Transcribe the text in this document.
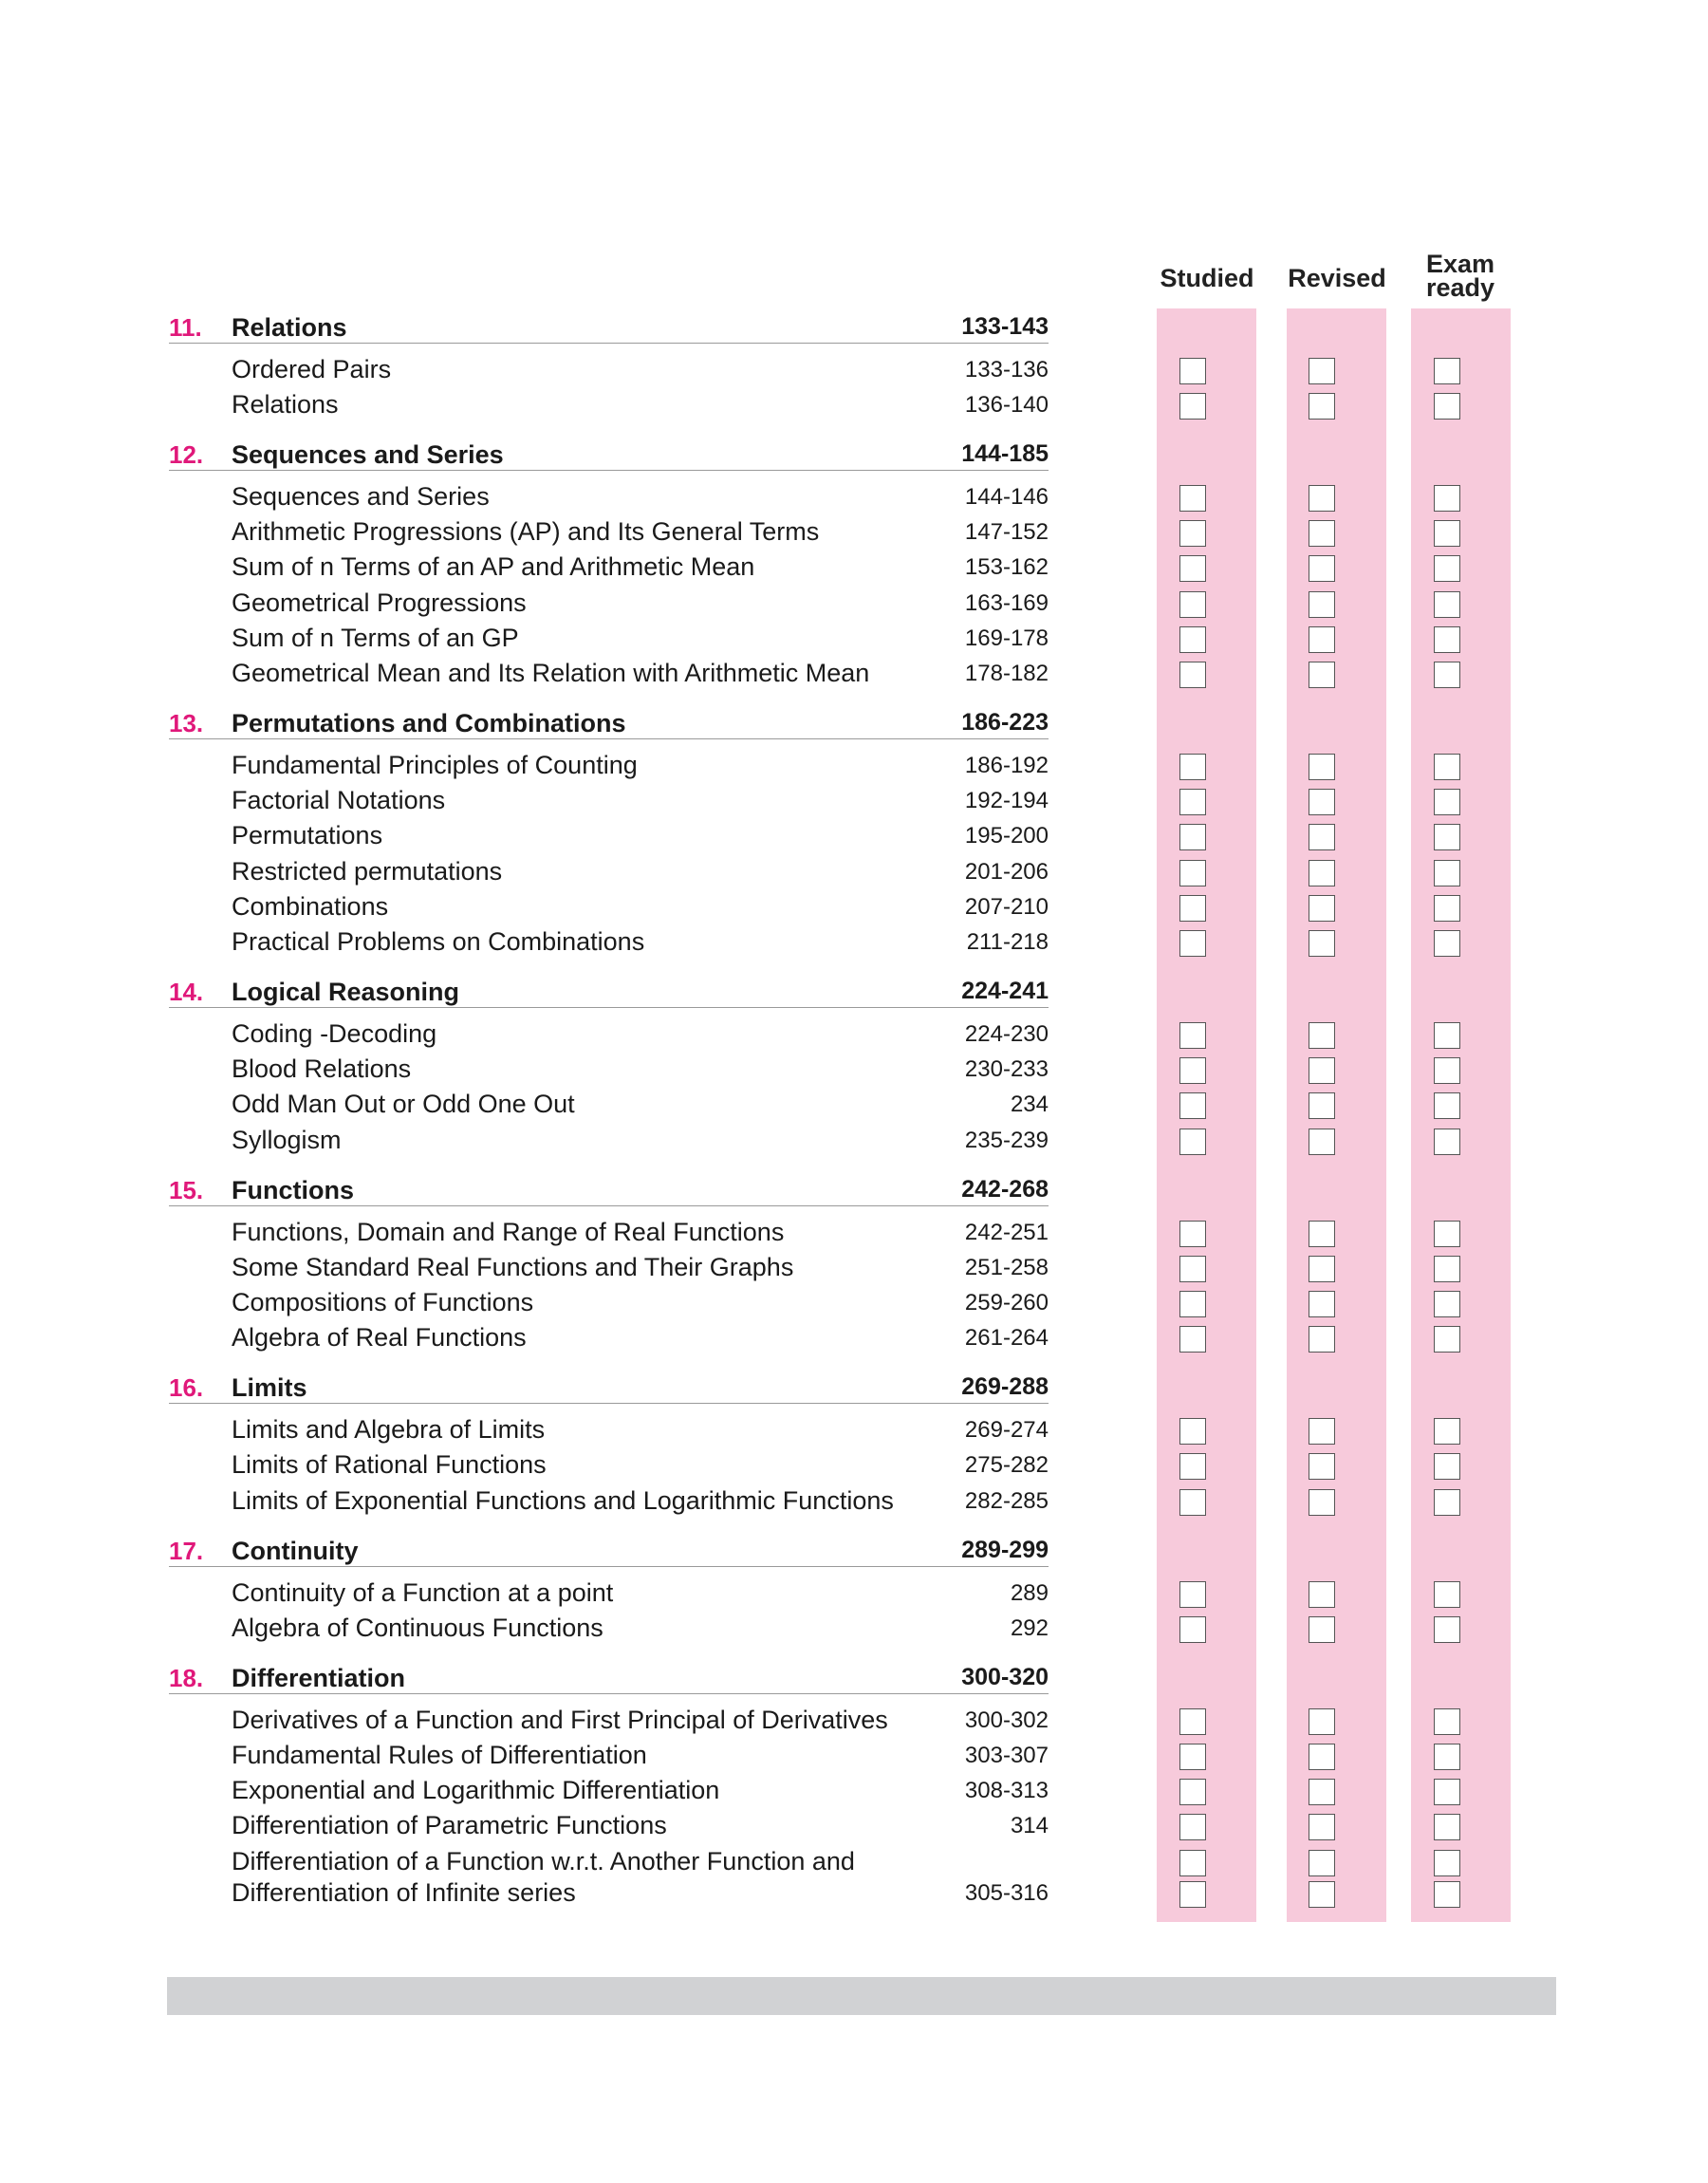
Studied	Revised	Exam
ready
11. Relations	133-143
Ordered Pairs	133-136
Relations	136-140
12. Sequences and Series	144-185
Sequences and Series	144-146
Arithmetic Progressions (AP) and Its General Terms	147-152
Sum of n Terms of an AP and Arithmetic Mean	153-162
Geometrical Progressions	163-169
Sum of n Terms of an GP	169-178
Geometrical Mean and Its Relation with Arithmetic Mean	178-182
13. Permutations and Combinations	186-223
Fundamental Principles of Counting	186-192
Factorial Notations	192-194
Permutations	195-200
Restricted permutations	201-206
Combinations	207-210
Practical Problems on Combinations	211-218
14. Logical Reasoning	224-241
Coding -Decoding	224-230
Blood Relations	230-233
Odd Man Out or Odd One Out	234
Syllogism	235-239
15. Functions	242-268
Functions, Domain and Range of Real Functions	242-251
Some Standard Real Functions and Their Graphs	251-258
Compositions of Functions	259-260
Algebra of Real Functions	261-264
16. Limits	269-288
Limits and Algebra of Limits	269-274
Limits of Rational Functions	275-282
Limits of Exponential Functions and Logarithmic Functions	282-285
17. Continuity	289-299
Continuity of a Function at a point	289
Algebra of Continuous Functions	292
18. Differentiation	300-320
Derivatives of a Function and First Principal of Derivatives	300-302
Fundamental Rules of Differentiation	303-307
Exponential and Logarithmic Differentiation	308-313
Differentiation of Parametric Functions	314
Differentiation of a Function w.r.t. Another Function and
Differentiation of Infinite series	305-316
